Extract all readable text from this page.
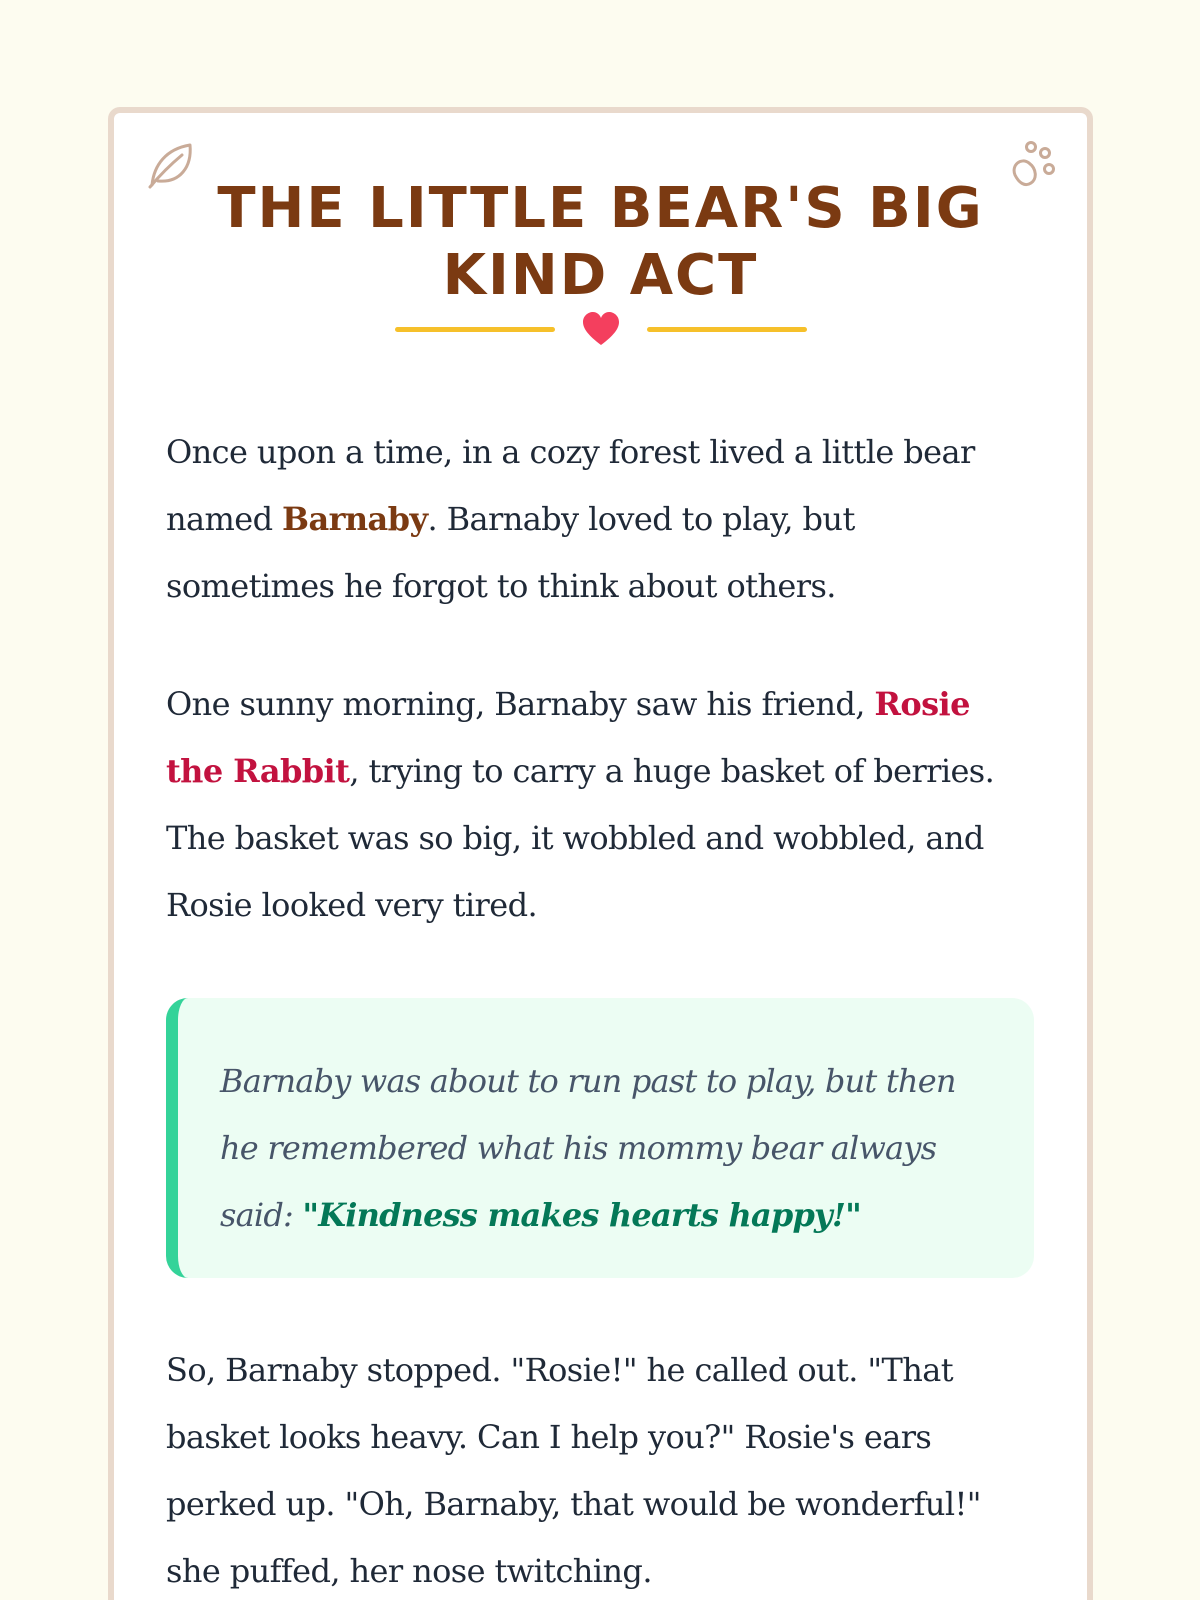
THE LITTLE BEAR'S BIG
KIND ACT

Once upon a time, in a cozy forest lived a little bear named Barnaby. Barnaby loved to play, but sometimes he forgot to think about others.

One sunny morning, Barnaby saw his friend, Rosie the Rabbit, trying to carry a huge basket of berries. The basket was so big, it wobbled and wobbled, and Rosie looked very tired.

So, Barnaby stopped. "Rosie!" he called out. "That basket looks heavy. Can I help you?" Rosie's ears perked up. "Oh, Barnaby, that would be wonderful!" she puffed, her nose twitching.

Barnaby was about to run past to play, but then he remembered what his mommy bear always said: "Kindness makes hearts happy!"
